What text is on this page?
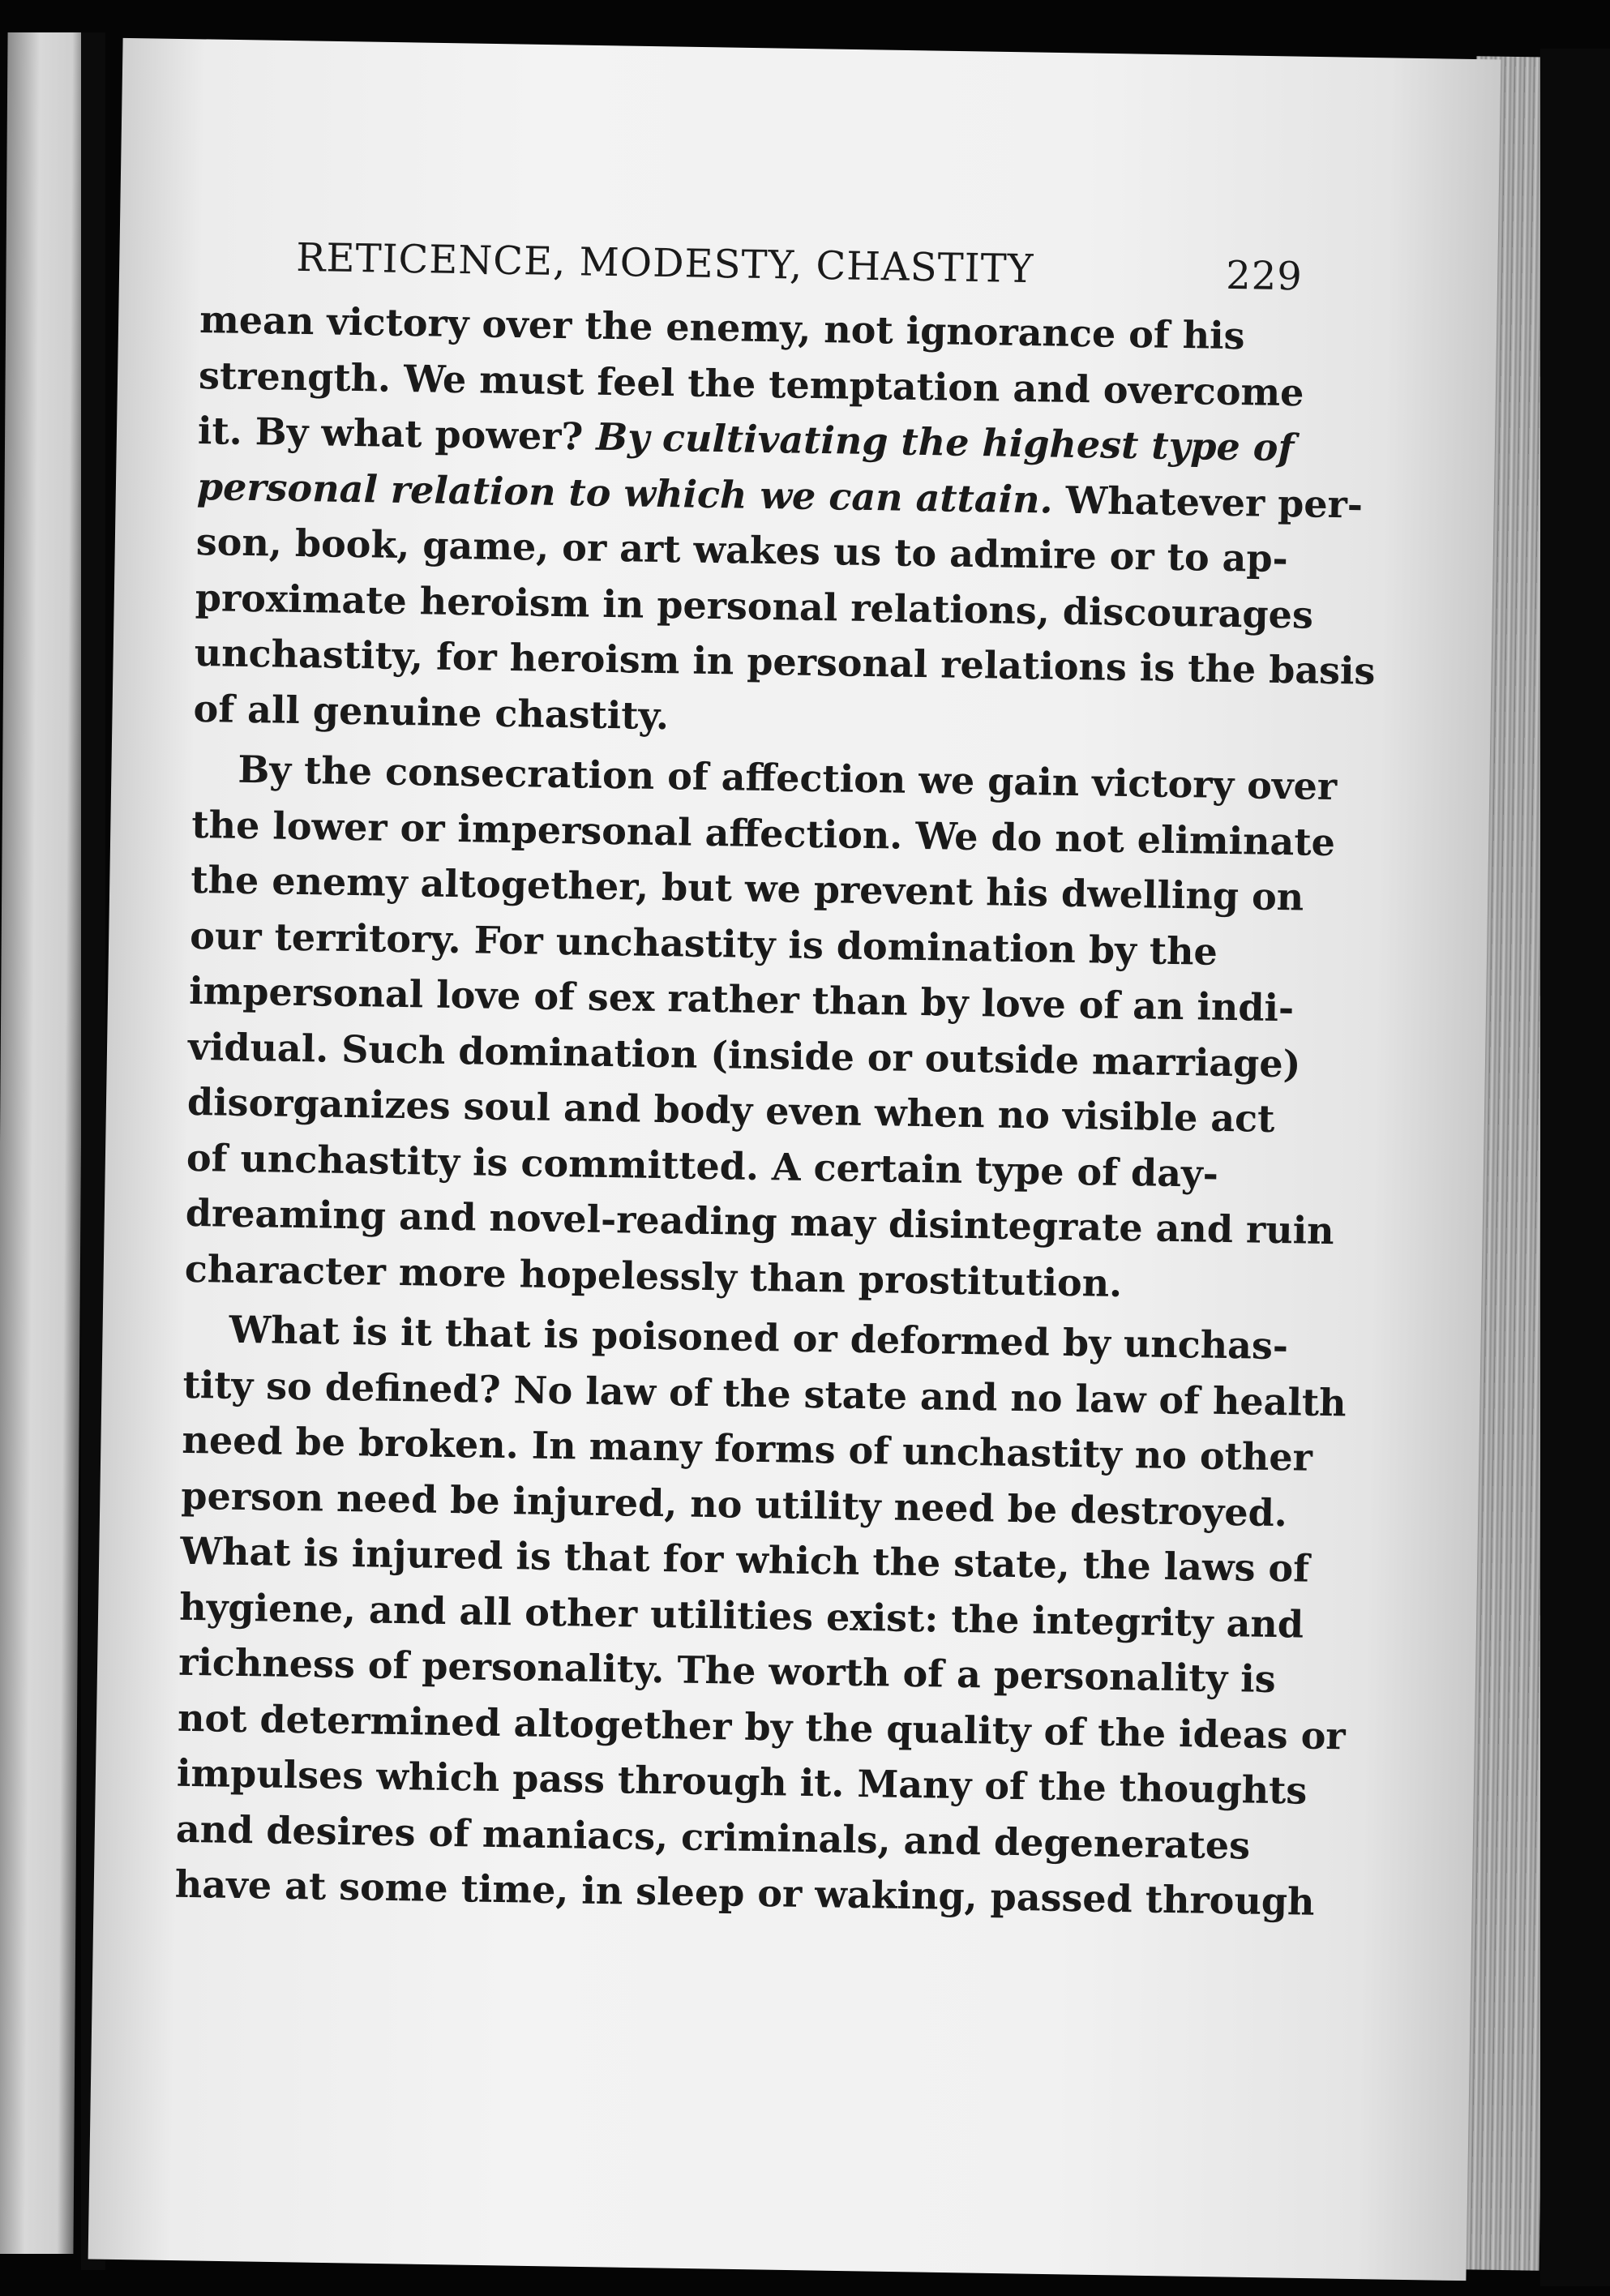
RETICENCE, MODESTY, CHASTITY	229

mean victory over the enemy, not ignorance of his
strength. We must feel the temptation and overcome
it. By what power? By cultivating the highest type of
personal relation to which we can attain. Whatever per-
son, book, game, or art wakes us to admire or to ap-
proximate heroism in personal relations, discourages
unchastity, for heroism in personal relations is the basis
of all genuine chastity.

By the consecration of affection we gain victory over
the lower or impersonal affection. We do not eliminate
the enemy altogether, but we prevent his dwelling on
our territory. For unchastity is domination by the
impersonal love of sex rather than by love of an indi-
vidual. Such domination (inside or outside marriage)
disorganizes soul and body even when no visible act
of unchastity is committed. A certain type of day-
dreaming and novel-reading may disintegrate and ruin
character more hopelessly than prostitution.

What is it that is poisoned or deformed by unchas-
tity so defined? No law of the state and no law of health
need be broken. In many forms of unchastity no other
person need be injured, no utility need be destroyed.
What is injured is that for which the state, the laws of
hygiene, and all other utilities exist: the integrity and
richness of personality. The worth of a personality is
not determined altogether by the quality of the ideas or
impulses which pass through it. Many of the thoughts
and desires of maniacs, criminals, and degenerates
have at some time, in sleep or waking, passed through
